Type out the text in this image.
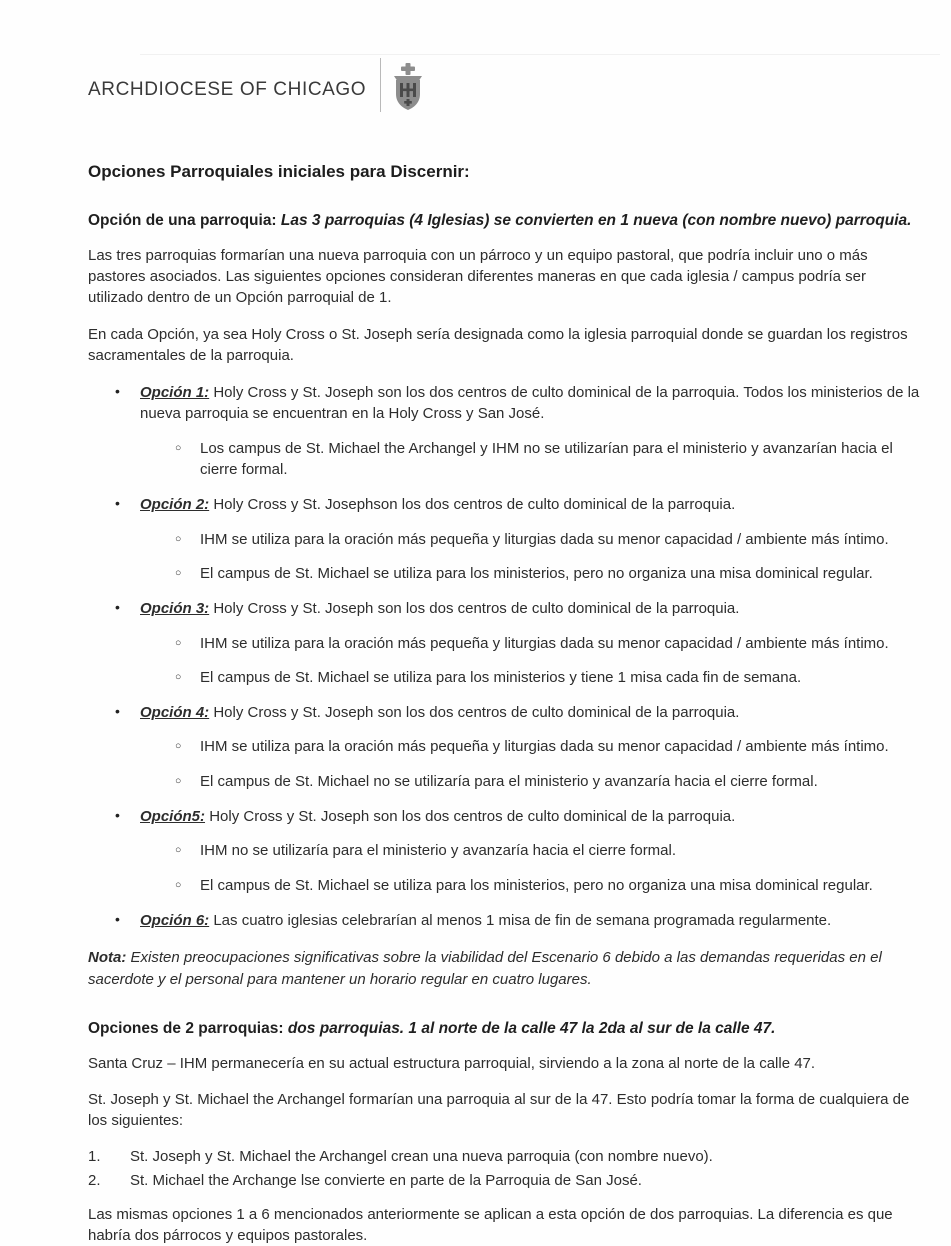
ARCHDIOCESE OF CHICAGO
Opciones Parroquiales iniciales para Discernir:
Opción de una parroquia: Las 3 parroquias (4 Iglesias) se convierten en 1 nueva (con nombre nuevo) parroquia.

Las tres parroquias formarían una nueva parroquia con un párroco y un equipo pastoral, que podría incluir uno o más pastores asociados. Las siguientes opciones consideran diferentes maneras en que cada iglesia / campus podría ser utilizado dentro de un Opción parroquial de 1.

En cada Opción, ya sea Holy Cross o St. Joseph sería designada como la iglesia parroquial donde se guardan los registros sacramentales de la parroquia.

•	Opción 1: Holy Cross y St. Joseph son los dos centros de culto dominical de la parroquia. Todos los ministerios de la nueva parroquia se encuentran en la Holy Cross y San José.
○	Los campus de St. Michael the Archangel y IHM no se utilizarían para el ministerio y avanzarían hacia el cierre formal.
•	Opción 2: Holy Cross y St. Josephson los dos centros de culto dominical de la parroquia.
○	IHM se utiliza para la oración más pequeña y liturgias dada su menor capacidad / ambiente más íntimo.
○	El campus de St. Michael se utiliza para los ministerios, pero no organiza una misa dominical regular.
•	Opción 3: Holy Cross y St. Joseph son los dos centros de culto dominical de la parroquia.
○	IHM se utiliza para la oración más pequeña y liturgias dada su menor capacidad / ambiente más íntimo.
○	El campus de St. Michael se utiliza para los ministerios y tiene 1 misa cada fin de semana.
•	Opción 4: Holy Cross y St. Joseph son los dos centros de culto dominical de la parroquia.
○	IHM se utiliza para la oración más pequeña y liturgias dada su menor capacidad / ambiente más íntimo.
○	El campus de St. Michael no se utilizaría para el ministerio y avanzaría hacia el cierre formal.
•	Opción5: Holy Cross y St. Joseph son los dos centros de culto dominical de la parroquia.
○	IHM no se utilizaría para el ministerio y avanzaría hacia el cierre formal.
○	El campus de St. Michael se utiliza para los ministerios, pero no organiza una misa dominical regular.
•	Opción 6: Las cuatro iglesias celebrarían al menos 1 misa de fin de semana programada regularmente.

Nota: Existen preocupaciones significativas sobre la viabilidad del Escenario 6 debido a las demandas requeridas en el sacerdote y el personal para mantener un horario regular en cuatro lugares.

Opciones de 2 parroquias: dos parroquias. 1 al norte de la calle 47 la 2da al sur de la calle 47.

Santa Cruz – IHM permanecería en su actual estructura parroquial, sirviendo a la zona al norte de la calle 47.

St. Joseph y St. Michael the Archangel formarían una parroquia al sur de la 47. Esto podría tomar la forma de cualquiera de los siguientes:

1.	St. Joseph y St. Michael the Archangel crean una nueva parroquia (con nombre nuevo).
2.	St. Michael the Archange lse convierte en parte de la Parroquia de San José.

Las mismas opciones 1 a 6 mencionados anteriormente se aplican a esta opción de dos parroquias. La diferencia es que habría dos párrocos y equipos pastorales.
